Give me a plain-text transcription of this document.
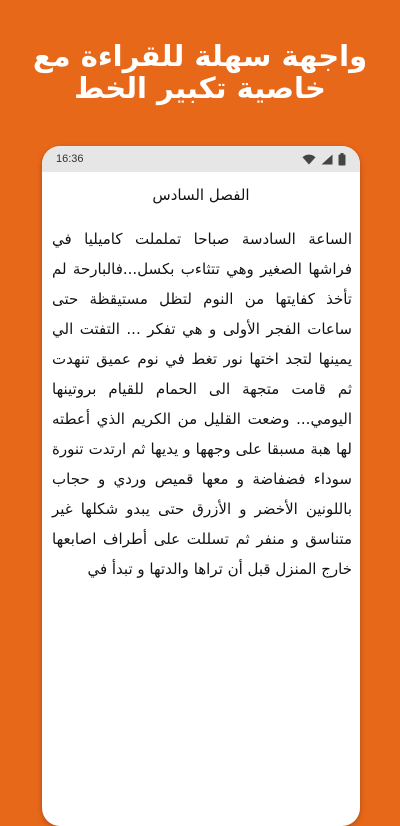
واجهة سهلة للقراءة مع
خاصية تكبير الخط
16:36
الفصل السادس
الساعة السادسة صباحا تململت كاميليا في فراشها الصغير وهي تتثاءب بكسل...فالبارحة لم تأخذ كفايتها من النوم لتظل مستيقظة حتى ساعات الفجر الأولى و هي تفكر ... التفتت الي يمينها لتجد اختها نور تغط في نوم عميق تنهدت ثم قامت متجهة الى الحمام للقيام بروتينها اليومي... وضعت القليل من الكريم الذي أعطته لها هبة مسبقا على وجهها و يديها ثم ارتدت تنورة سوداء فضفاضة و معها قميص وردي و حجاب باللونين الأخضر و الأزرق حتى يبدو شكلها غير متناسق و منفر ثم تسللت على أطراف اصابعها خارج المنزل قبل أن تراها والدتها و تبدأ في
